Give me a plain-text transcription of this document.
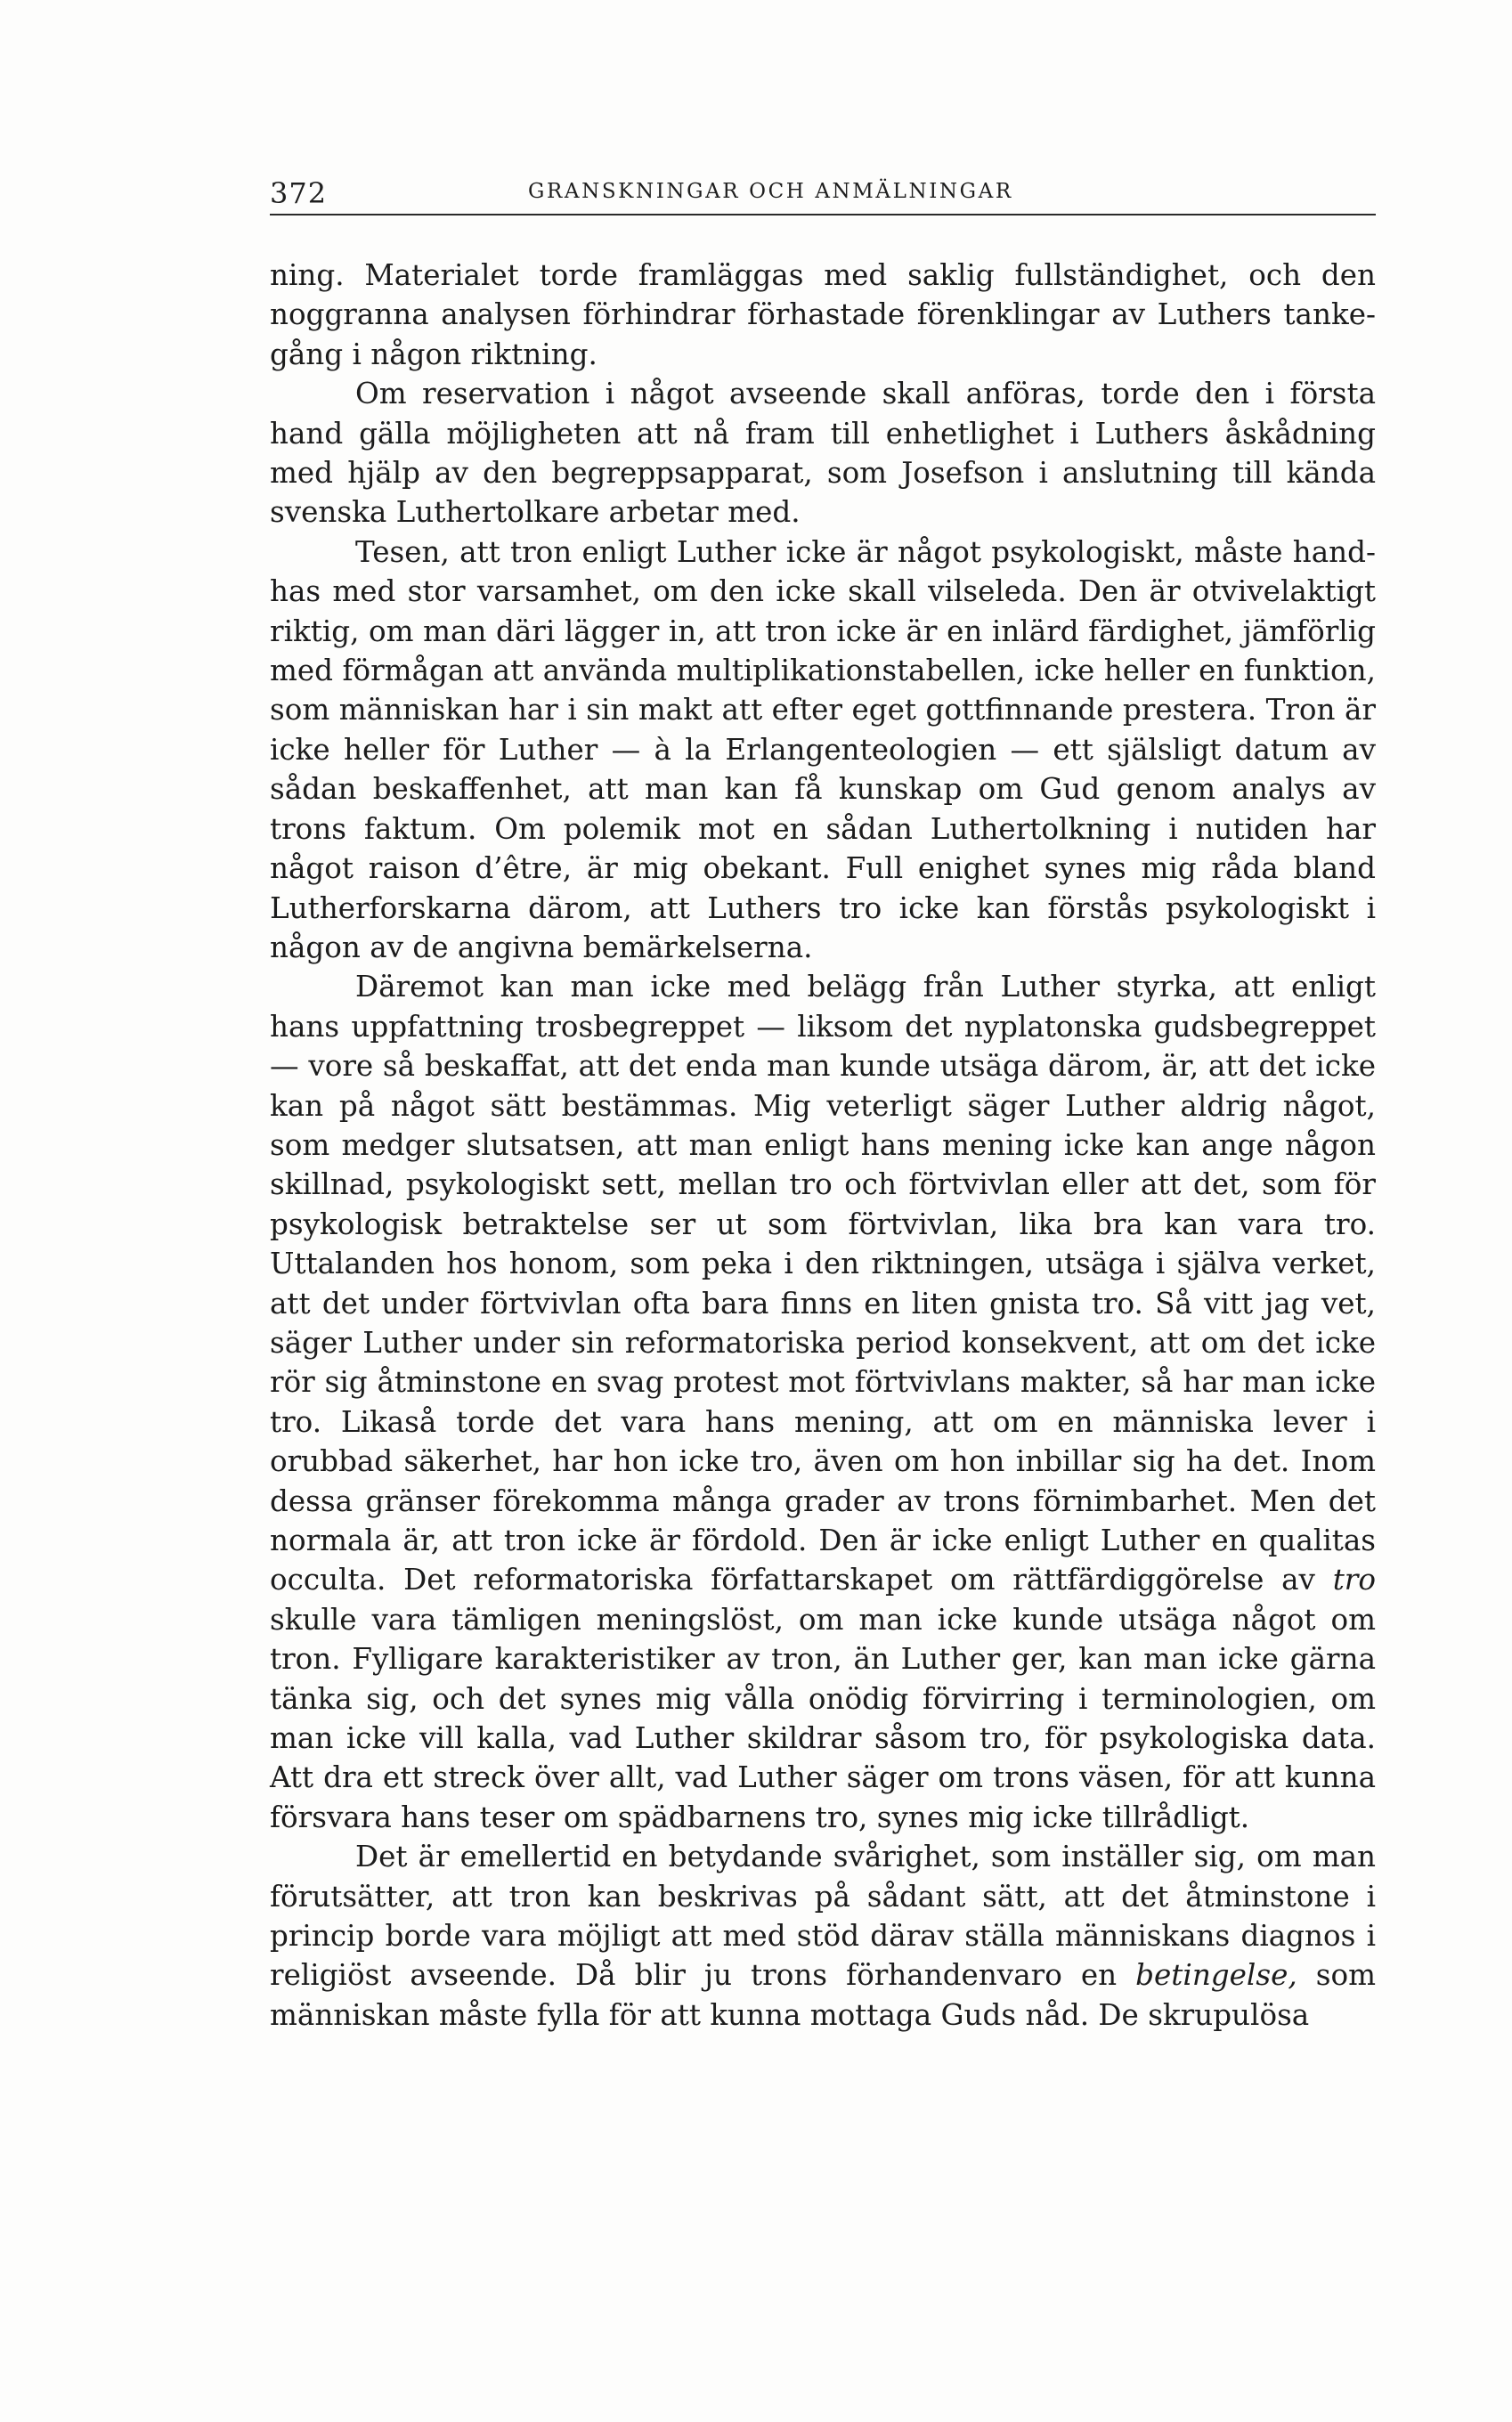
372	GRANSKNINGAR OCH ANMÄLNINGAR

ning. Materialet torde framläggas med saklig fullständighet, och den noggranna analysen förhindrar förhastade förenklingar av Luthers tankegång i någon riktning.

Om reservation i något avseende skall anföras, torde den i första hand gälla möjligheten att nå fram till enhetlighet i Luthers åskådning med hjälp av den begreppsapparat, som Josefson i anslutning till kända svenska Luthertolkare arbetar med.

Tesen, att tron enligt Luther icke är något psykologiskt, måste handhas med stor varsamhet, om den icke skall vilseleda. Den är otvivelaktigt riktig, om man däri lägger in, att tron icke är en inlärd färdighet, jämförlig med förmågan att använda multiplikationstabellen, icke heller en funktion, som människan har i sin makt att efter eget gottfinnande prestera. Tron är icke heller för Luther — à la Erlangenteologien — ett själsligt datum av sådan beskaffenhet, att man kan få kunskap om Gud genom analys av trons faktum. Om polemik mot en sådan Luthertolkning i nutiden har något raison d’être, är mig obekant. Full enighet synes mig råda bland Lutherforskarna därom, att Luthers tro icke kan förstås psykologiskt i någon av de angivna bemärkelserna.

Däremot kan man icke med belägg från Luther styrka, att enligt hans uppfattning trosbegreppet — liksom det nyplatonska gudsbegreppet — vore så beskaffat, att det enda man kunde utsäga därom, är, att det icke kan på något sätt bestämmas. Mig veterligt säger Luther aldrig något, som medger slutsatsen, att man enligt hans mening icke kan ange någon skillnad, psykologiskt sett, mellan tro och förtvivlan eller att det, som för psykologisk betraktelse ser ut som förtvivlan, lika bra kan vara tro. Uttalanden hos honom, som peka i den riktningen, utsäga i själva verket, att det under förtvivlan ofta bara finns en liten gnista tro. Så vitt jag vet, säger Luther under sin reformatoriska period konsekvent, att om det icke rör sig åtminstone en svag protest mot förtvivlans makter, så har man icke tro. Likaså torde det vara hans mening, att om en människa lever i orubbad säkerhet, har hon icke tro, även om hon inbillar sig ha det. Inom dessa gränser förekomma många grader av trons förnimbarhet. Men det normala är, att tron icke är fördold. Den är icke enligt Luther en qualitas occulta. Det reformatoriska författarskapet om rättfärdiggörelse av tro skulle vara tämligen meningslöst, om man icke kunde utsäga något om tron. Fylligare karakteristiker av tron, än Luther ger, kan man icke gärna tänka sig, och det synes mig vålla onödig förvirring i terminologien, om man icke vill kalla, vad Luther skildrar såsom tro, för psykologiska data. Att dra ett streck över allt, vad Luther säger om trons väsen, för att kunna försvara hans teser om spädbarnens tro, synes mig icke tillrådligt.

Det är emellertid en betydande svårighet, som inställer sig, om man förutsätter, att tron kan beskrivas på sådant sätt, att det åtminstone i princip borde vara möjligt att med stöd därav ställa människans diagnos i religiöst avseende. Då blir ju trons förhandenvaro en betingelse, som människan måste fylla för att kunna mottaga Guds nåd. De skrupulösa
